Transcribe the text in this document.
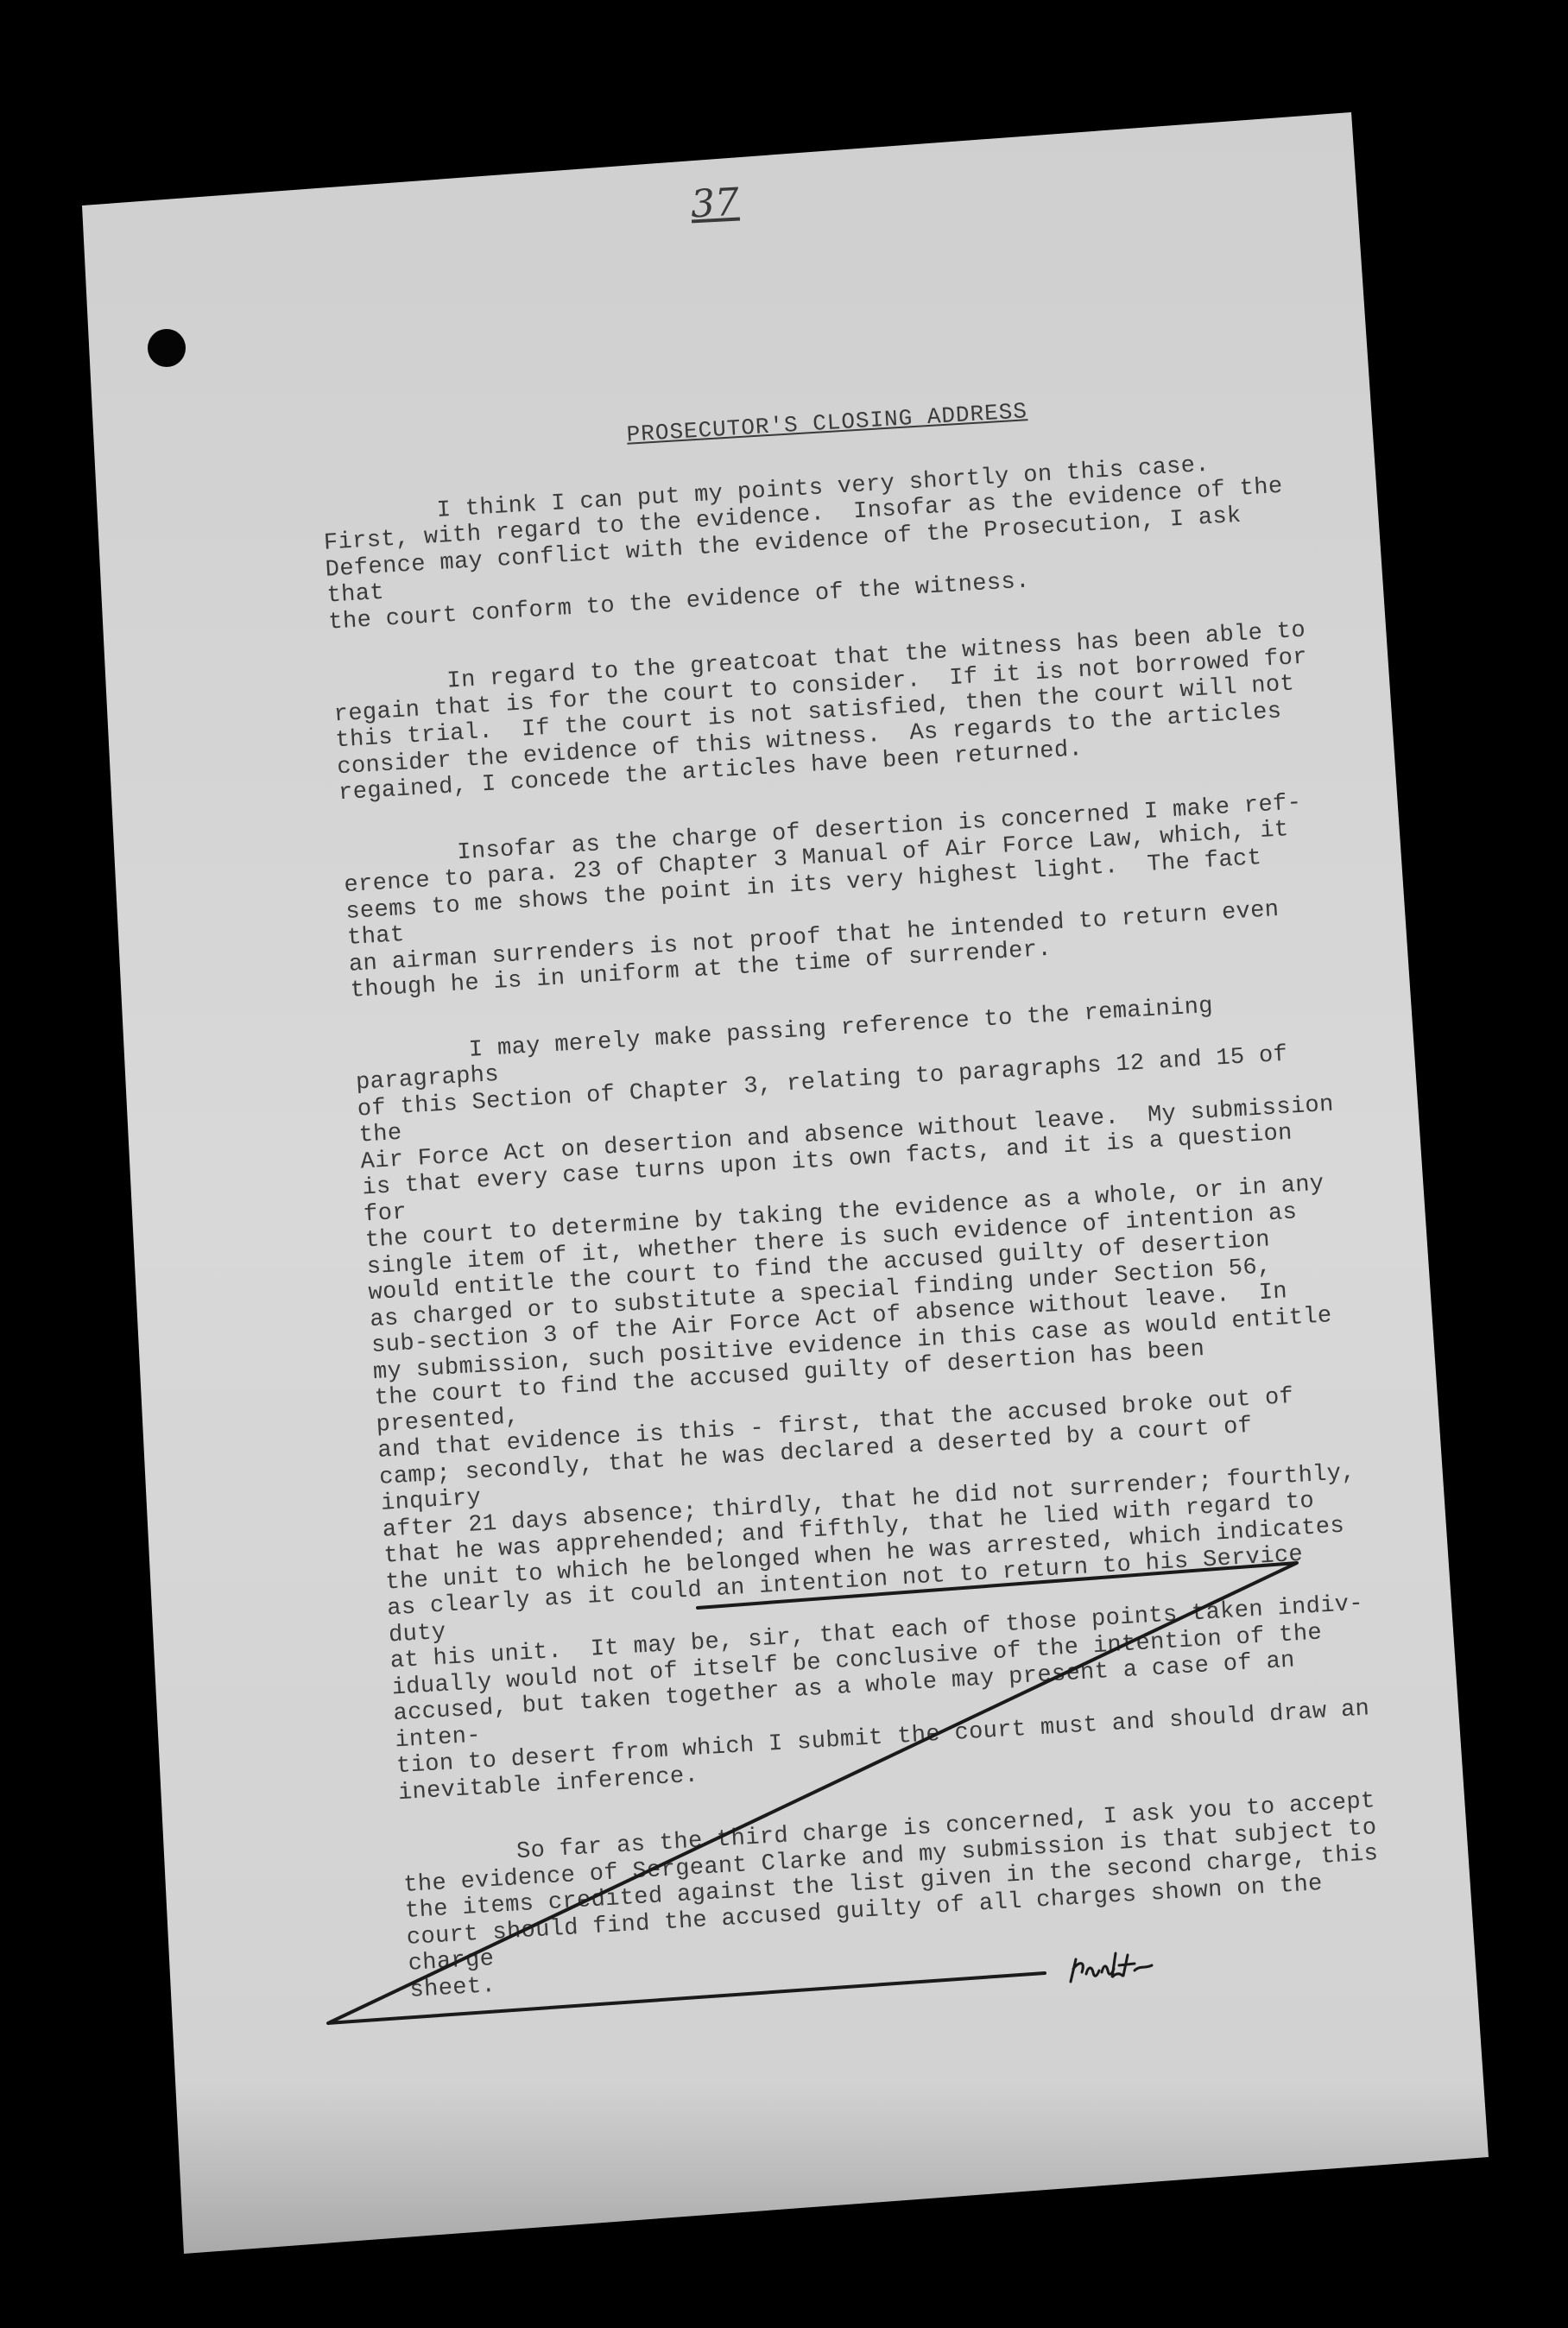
37
PROSECUTOR'S CLOSING ADDRESS
I think I can put my points very shortly on this case.
First, with regard to the evidence.  Insofar as the evidence of the
Defence may conflict with the evidence of the Prosecution, I ask that
the court conform to the evidence of the witness.
In regard to the greatcoat that the witness has been able to
regain that is for the court to consider.  If it is not borrowed for
this trial.  If the court is not satisfied, then the court will not
consider the evidence of this witness.  As regards to the articles
regained, I concede the articles have been returned.
Insofar as the charge of desertion is concerned I make ref-
erence to para. 23 of Chapter 3 Manual of Air Force Law, which, it
seems to me shows the point in its very highest light.  The fact that
an airman surrenders is not proof that he intended to return even
though he is in uniform at the time of surrender.
I may merely make passing reference to the remaining paragraphs
of this Section of Chapter 3, relating to paragraphs 12 and 15 of the
Air Force Act on desertion and absence without leave.  My submission
is that every case turns upon its own facts, and it is a question for
the court to determine by taking the evidence as a whole, or in any
single item of it, whether there is such evidence of intention as
would entitle the court to find the accused guilty of desertion
as charged or to substitute a special finding under Section 56,
sub-section 3 of the Air Force Act of absence without leave.  In
my submission, such positive evidence in this case as would entitle
the court to find the accused guilty of desertion has been presented,
and that evidence is this - first, that the accused broke out of
camp; secondly, that he was declared a deserted by a court of inquiry
after 21 days absence; thirdly, that he did not surrender; fourthly,
that he was apprehended; and fifthly, that he lied with regard to
the unit to which he belonged when he was arrested, which indicates
as clearly as it could an intention not to return to his Service duty
at his unit.  It may be, sir, that each of those points taken indiv-
idually would not of itself be conclusive of the intention of the
accused, but taken together as a whole may present a case of an inten-
tion to desert from which I submit the court must and should draw an
inevitable inference.
So far as the third charge is concerned, I ask you to accept
the evidence of Sergeant Clarke and my submission is that subject to
the items credited against the list given in the second charge, this
court should find the accused guilty of all charges shown on the charge
sheet.
